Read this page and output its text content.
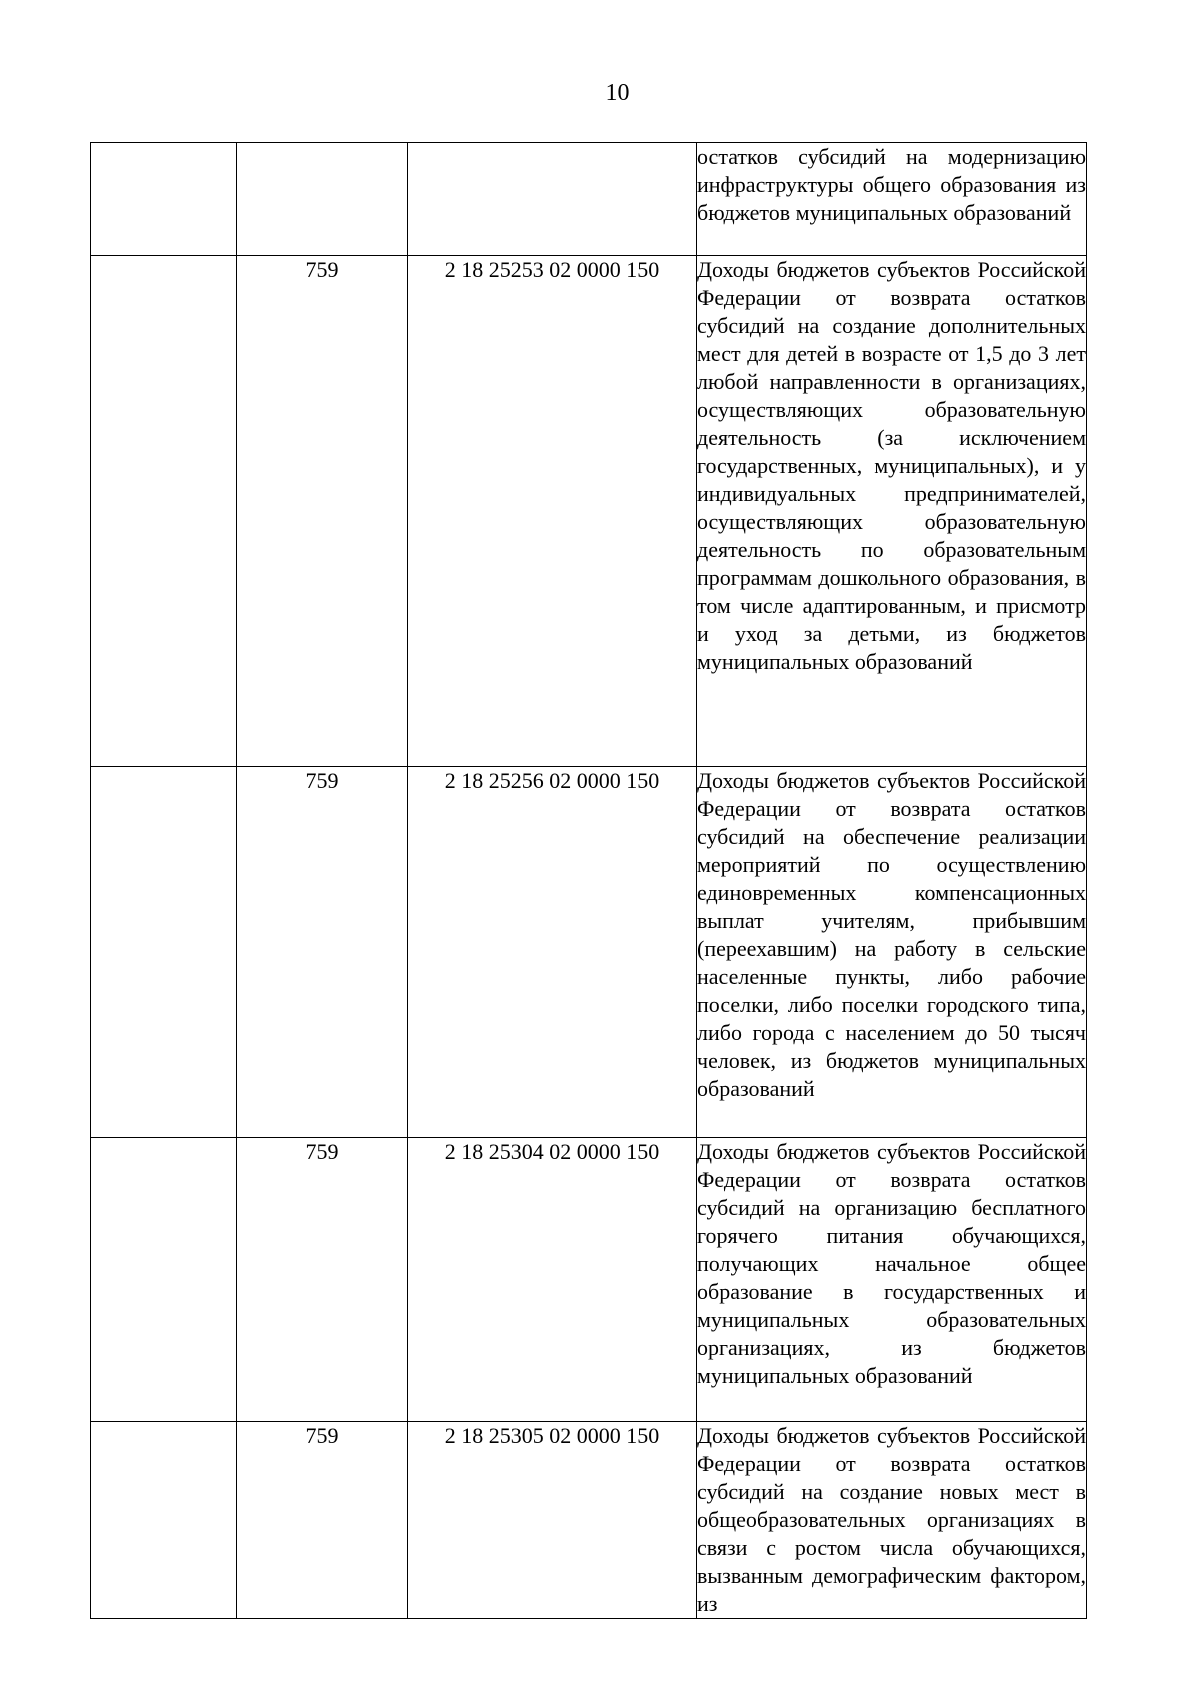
10
			остатков субсидий на модернизацию инфраструктуры общего образования из бюджетов муниципальных образований
	759	2 18 25253 02 0000 150	Доходы бюджетов субъектов Российской Федерации от возврата остатков субсидий на создание дополнительных мест для детей в возрасте от 1,5 до 3 лет любой направленности в организациях, осуществляющих образовательную деятельность (за исключением государственных, муниципальных), и у индивидуальных предпринимателей, осуществляющих образовательную деятельность по образовательным программам дошкольного образования, в том числе адаптированным, и присмотр и уход за детьми, из бюджетов муниципальных образований
	759	2 18 25256 02 0000 150	Доходы бюджетов субъектов Российской Федерации от возврата остатков субсидий на обеспечение реализации мероприятий по осуществлению единовременных компенсационных выплат учителям, прибывшим (переехавшим) на работу в сельские населенные пункты, либо рабочие поселки, либо поселки городского типа, либо города с населением до 50 тысяч человек, из бюджетов муниципальных образований
	759	2 18 25304 02 0000 150	Доходы бюджетов субъектов Российской Федерации от возврата остатков субсидий на организацию бесплатного горячего питания обучающихся, получающих начальное общее образование в государственных и муниципальных образовательных организациях, из бюджетов муниципальных образований
	759	2 18 25305 02 0000 150	Доходы бюджетов субъектов Российской Федерации от возврата остатков субсидий на создание новых мест в общеобразовательных организациях в связи с ростом числа обучающихся, вызванным демографическим фактором, из
